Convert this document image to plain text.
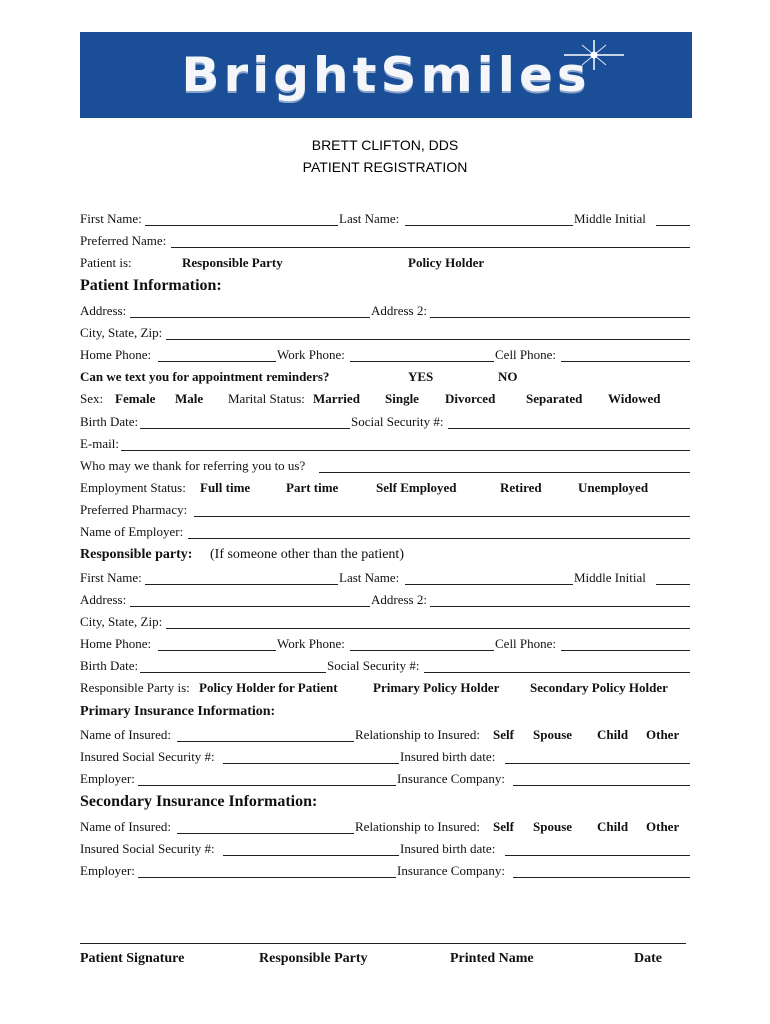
BrightSmiles
BRETT CLIFTON, DDS
PATIENT REGISTRATION
First Name:	Last Name:	Middle Initial
Preferred Name:
Patient is:	Responsible Party	Policy Holder
Patient Information:
Address:	Address 2:
City, State, Zip:
Home Phone:	Work Phone:	Cell Phone:
Can we text you for appointment reminders?	YES	NO
Sex: Female Male Marital Status: Married Single Divorced Separated Widowed
Birth Date:	Social Security #:
E-mail:
Who may we thank for referring you to us?
Employment Status: Full time	Part time	Self Employed	Retired	Unemployed
Preferred Pharmacy:
Name of Employer:
Responsible party: (If someone other than the patient)
First Name:	Last Name:	Middle Initial
Address:	Address 2:
City, State, Zip:
Home Phone:	Work Phone:	Cell Phone:
Birth Date:	Social Security #:
Responsible Party is: Policy Holder for Patient	Primary Policy Holder Secondary Policy Holder
Primary Insurance Information:
Name of Insured:	Relationship to Insured: Self Spouse Child Other
Insured Social Security #:	Insured birth date:
Employer:	Insurance Company:
Secondary Insurance Information:
Name of Insured:	Relationship to Insured: Self Spouse Child Other
Insured Social Security #:	Insured birth date:
Employer:	Insurance Company:
Patient Signature	Responsible Party	Printed Name	Date
